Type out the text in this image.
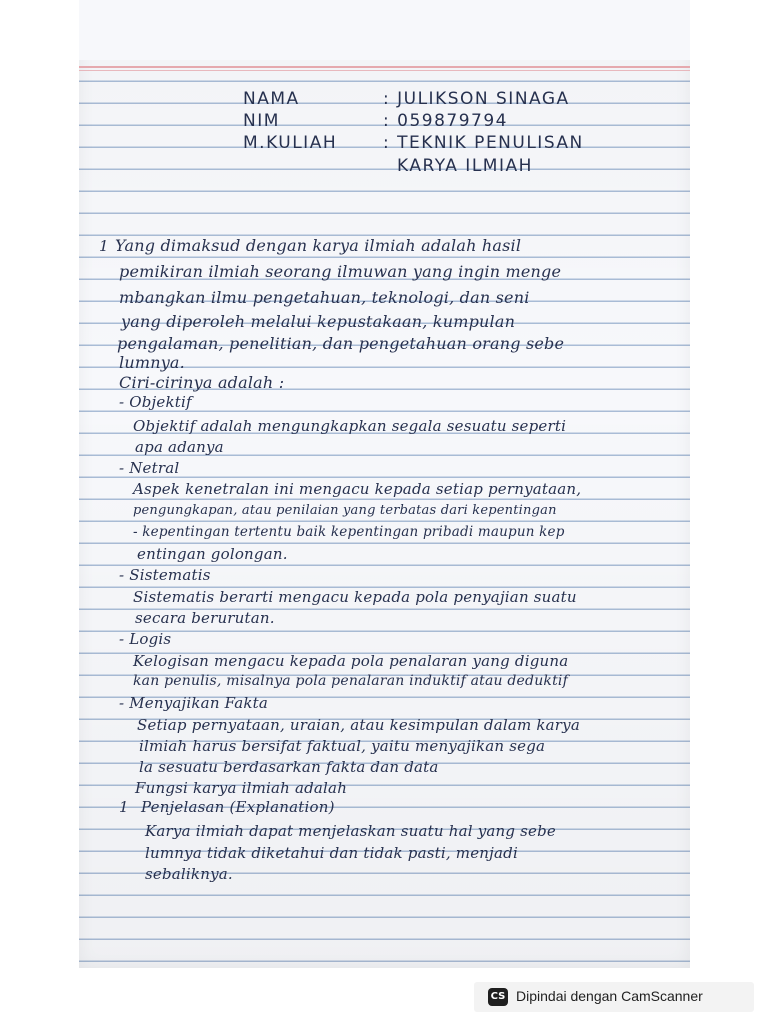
NAMA	: JULIKSON SINAGA
NIM	: 059879794
M.KULIAH	: TEKNIK PENULISAN
KARYA ILMIAH
1
1
Yang dimaksud dengan karya ilmiah adalah hasil
pemikiran ilmiah seorang ilmuwan yang ingin menge
mbangkan ilmu pengetahuan, teknologi, dan seni
yang diperoleh melalui kepustakaan, kumpulan
pengalaman, penelitian, dan pengetahuan orang sebe
lumnya.
Ciri-cirinya adalah :
- Objektif
Objektif adalah mengungkapkan segala sesuatu seperti
apa adanya
- Netral
Aspek kenetralan ini mengacu kepada setiap pernyataan,
pengungkapan, atau penilaian yang terbatas dari kepentingan
- kepentingan tertentu baik kepentingan pribadi maupun kep
entingan golongan.
- Sistematis
Sistematis berarti mengacu kepada pola penyajian suatu
secara berurutan.
- Logis
Kelogisan mengacu kepada pola penalaran yang diguna
kan penulis, misalnya pola penalaran induktif atau deduktif
- Menyajikan Fakta
Setiap pernyataan, uraian, atau kesimpulan dalam karya
ilmiah harus bersifat faktual, yaitu menyajikan sega
la sesuatu berdasarkan fakta dan data
Fungsi karya ilmiah adalah
Penjelasan (Explanation)
Karya ilmiah dapat menjelaskan suatu hal yang sebe
lumnya tidak diketahui dan tidak pasti, menjadi
sebaliknya.
CS Dipindai dengan CamScanner
